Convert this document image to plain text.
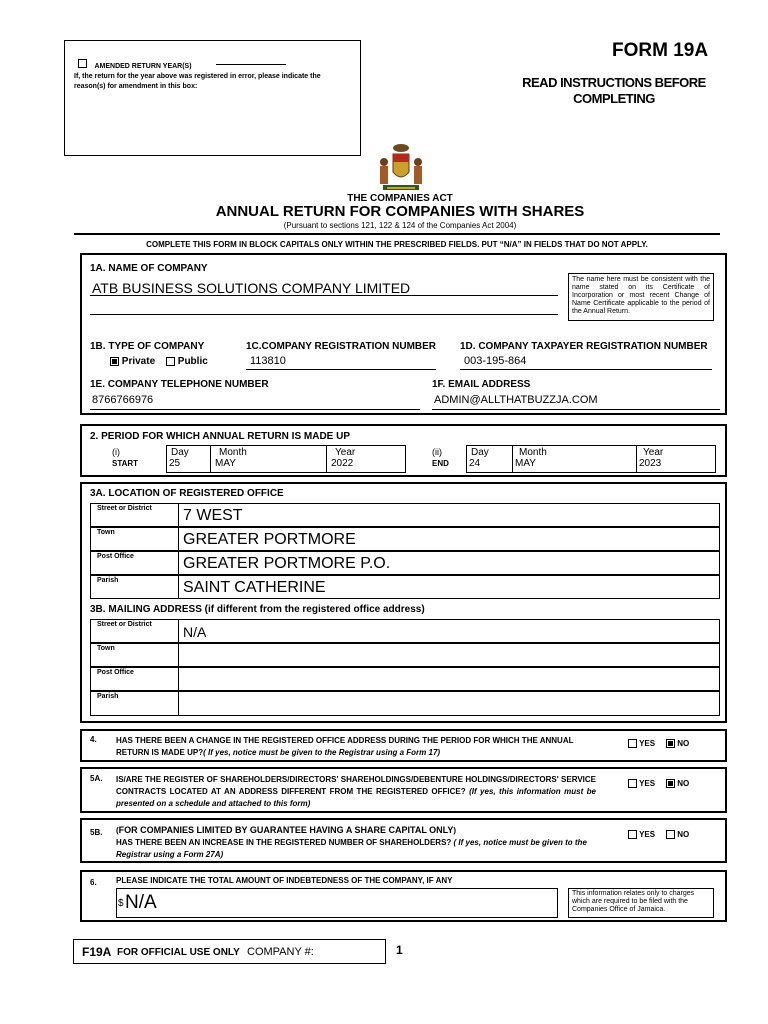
AMENDED RETURN YEAR(S)
If, the return for the year above was registered in error, please indicate the reason(s) for amendment in this box:
FORM 19A
READ INSTRUCTIONS BEFORE COMPLETING
THE COMPANIES ACT
ANNUAL RETURN FOR COMPANIES WITH SHARES
(Pursuant to sections 121, 122 & 124 of the Companies Act 2004)
COMPLETE THIS FORM IN BLOCK CAPITALS ONLY WITHIN THE PRESCRIBED FIELDS. PUT “N/A” IN FIELDS THAT DO NOT APPLY.
1A. NAME OF COMPANY
ATB BUSINESS SOLUTIONS COMPANY LIMITED
The name here must be consistent with the name stated on its Certificate of Incorporation or most recent Change of Name Certificate applicable to the period of the Annual Return.
1B. TYPE OF COMPANY
Private	Public
1C.COMPANY REGISTRATION NUMBER
113810
1D. COMPANY TAXPAYER REGISTRATION NUMBER
003-195-864
1E. COMPANY TELEPHONE NUMBER
8766766976
1F. EMAIL ADDRESS
ADMIN@ALLTHATBUZZJA.COM
2. PERIOD FOR WHICH ANNUAL RETURN IS MADE UP
(i)
START
Day
25
Month
MAY
Year
2022
(ii)
END
Day
24
Month
MAY
Year
2023
3A. LOCATION OF REGISTERED OFFICE
Street or District 7 WEST
Town	GREATER PORTMORE
Post Office	GREATER PORTMORE P.O.
Parish	SAINT CATHERINE
3B. MAILING ADDRESS (if different from the registered office address)
Street or District N/A
Town
Post Office
Parish
4. HAS THERE BEEN A CHANGE IN THE REGISTERED OFFICE ADDRESS DURING THE PERIOD FOR WHICH THE ANNUAL RETURN IS MADE UP?( If yes, notice must be given to the Registrar using a Form 17)
YES	NO
5A. IS/ARE THE REGISTER OF SHAREHOLDERS/DIRECTORS' SHAREHOLDINGS/DEBENTURE HOLDINGS/DIRECTORS' SERVICE CONTRACTS LOCATED AT AN ADDRESS DIFFERENT FROM THE REGISTERED OFFICE? (If yes, this information must be presented on a schedule and attached to this form)
YES	NO
5B. (FOR COMPANIES LIMITED BY GUARANTEE HAVING A SHARE CAPITAL ONLY)
HAS THERE BEEN AN INCREASE IN THE REGISTERED NUMBER OF SHAREHOLDERS? ( If yes, notice must be given to the Registrar using a Form 27A)
YES	NO
6. PLEASE INDICATE THE TOTAL AMOUNT OF INDEBTEDNESS OF THE COMPANY, IF ANY
$ N/A	This information relates only to charges which are required to be filed with the Companies Office of Jamaica.
F19A FOR OFFICIAL USE ONLY COMPANY #:	1
